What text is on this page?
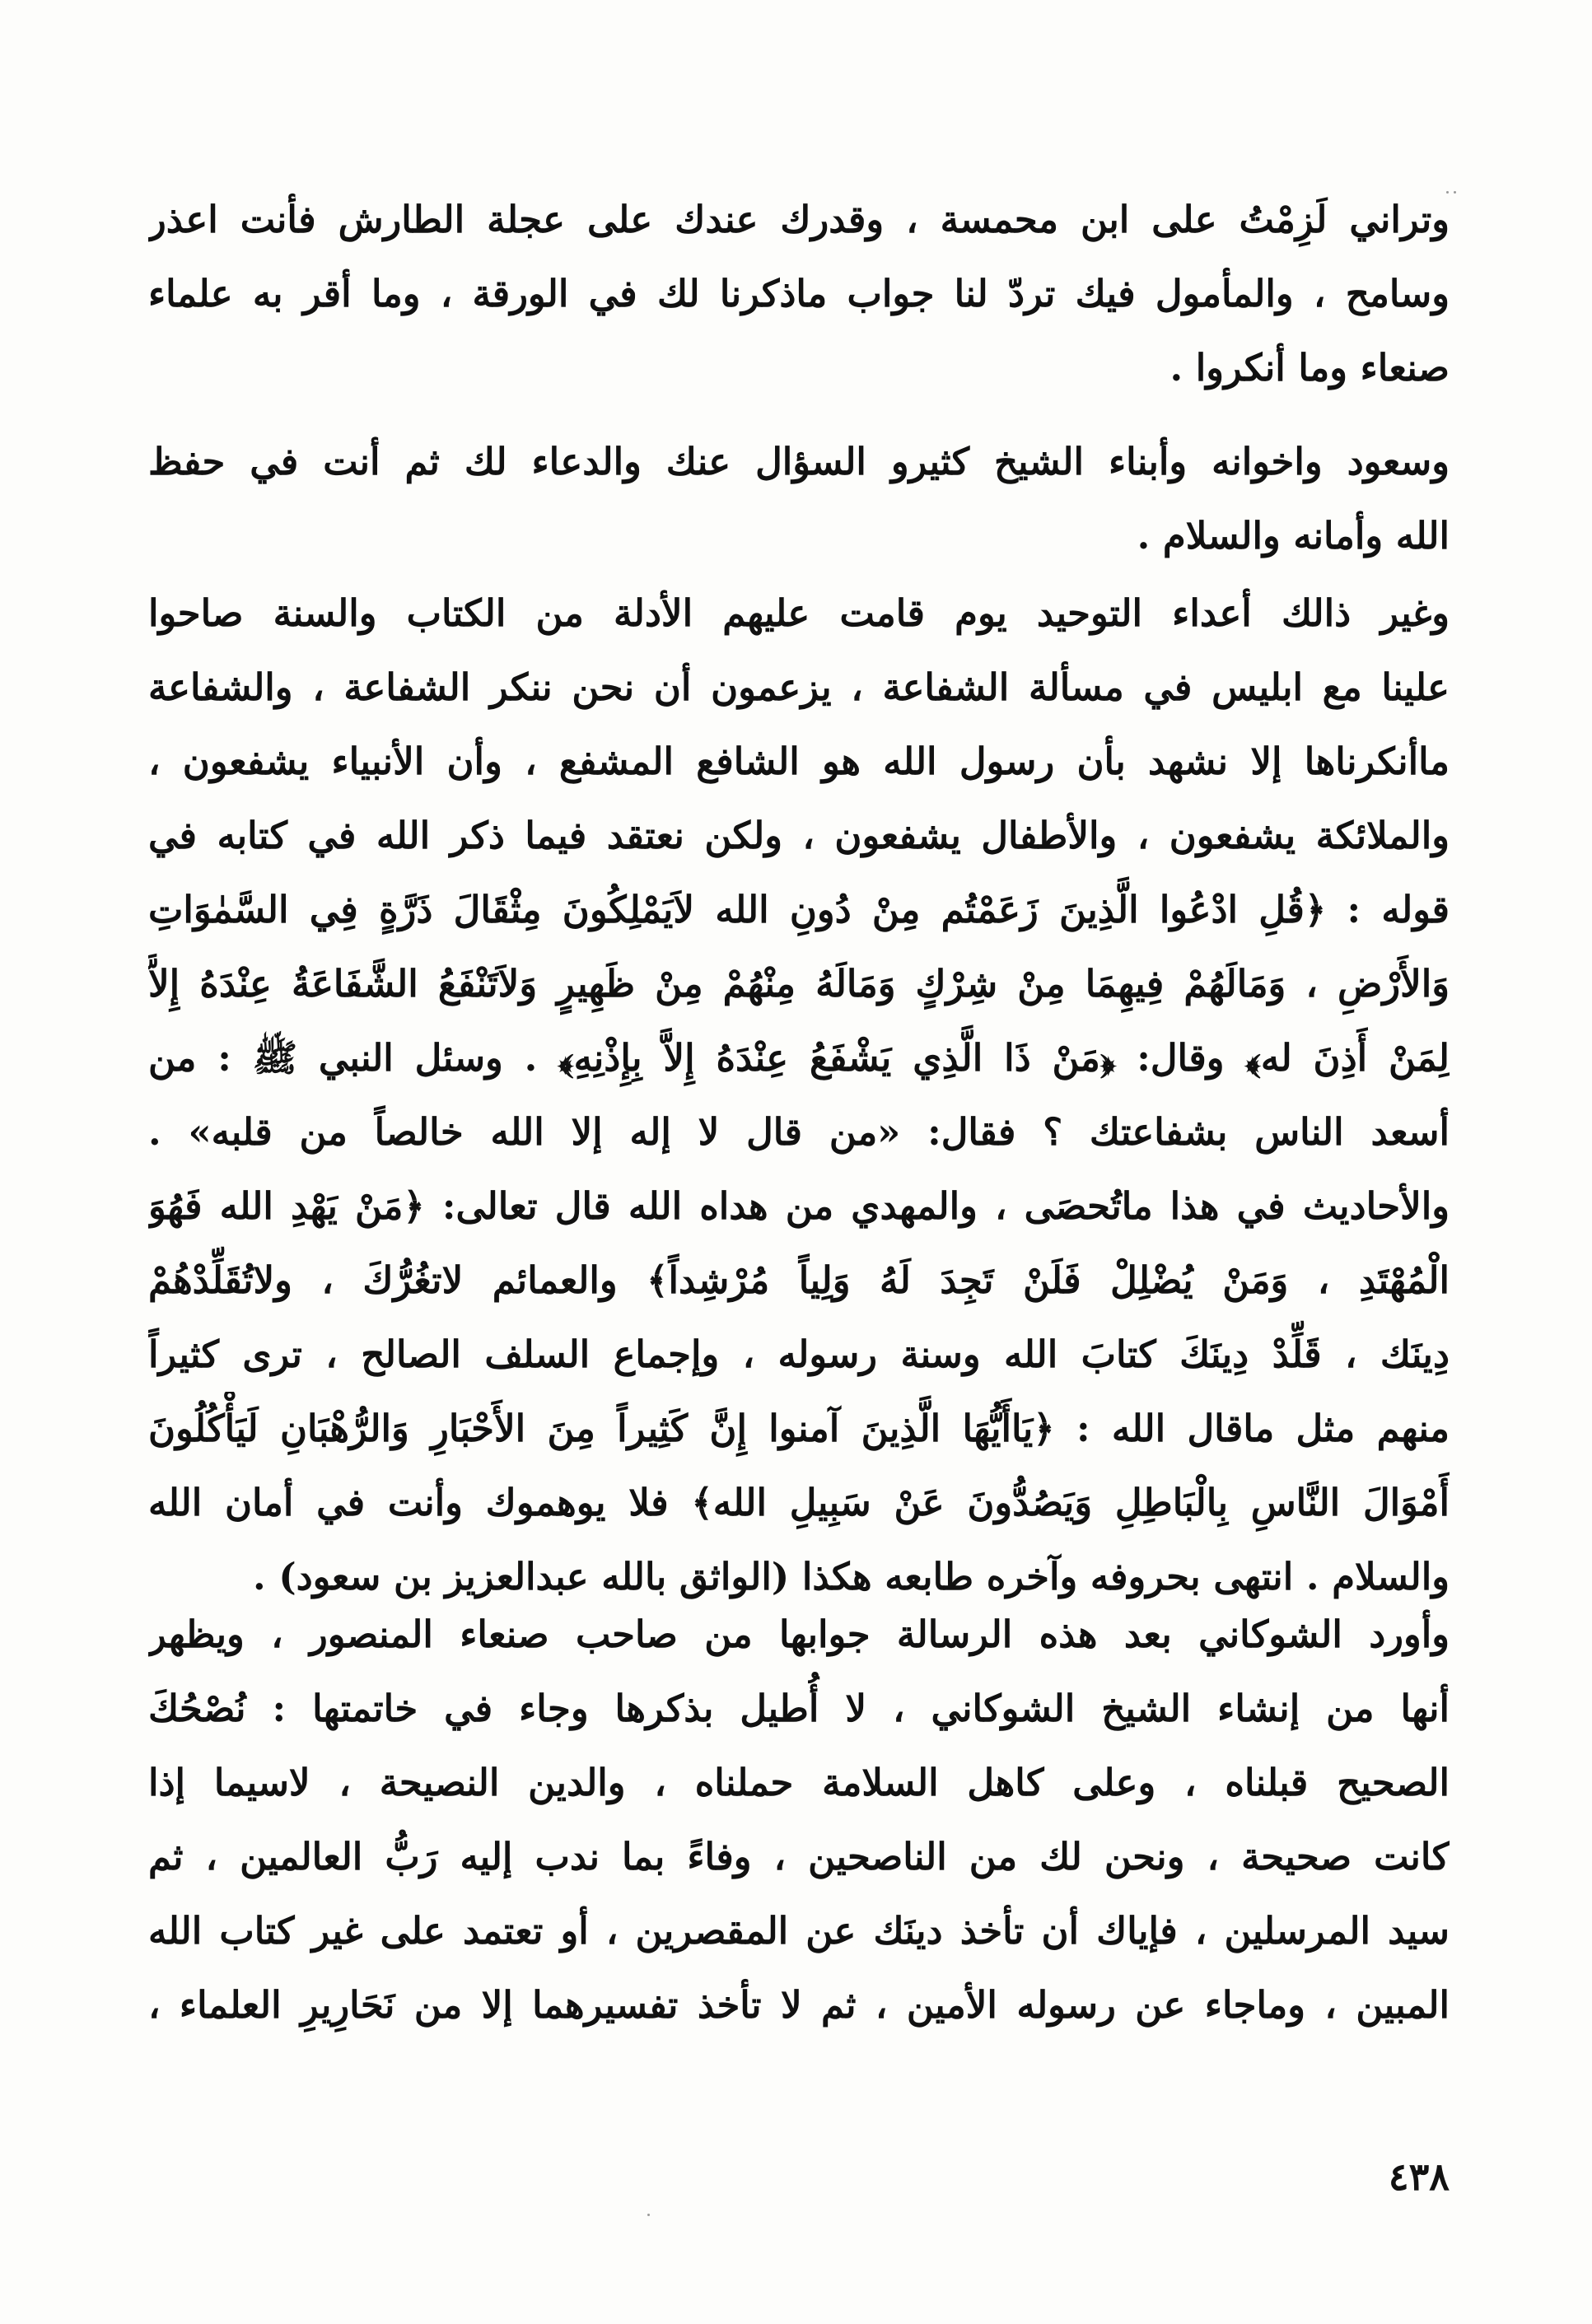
وتراني لَزِمْتُ على ابن محمسة ، وقدرك عندك على عجلة الطارش فأنت اعذر
وسامح ، والمأمول فيك تردّ لنا جواب ماذكرنا لك في الورقة ، وما أقر به علماء
صنعاء وما أنكروا .
وسعود واخوانه وأبناء الشيخ كثيرو السؤال عنك والدعاء لك ثم أنت في حفظ
الله وأمانه والسلام .
وغير ذالك أعداء التوحيد يوم قامت عليهم الأدلة من الكتاب والسنة صاحوا
علينا مع ابليس في مسألة الشفاعة ، يزعمون أن نحن ننكر الشفاعة ، والشفاعة
ماأنكرناها إلا نشهد بأن رسول الله هو الشافع المشفع ، وأن الأنبياء يشفعون ،
والملائكة يشفعون ، والأطفال يشفعون ، ولكن نعتقد فيما ذكر الله في كتابه في
قوله : ﴿قُلِ ادْعُوا الَّذِينَ زَعَمْتُم مِنْ دُونِ الله لاَيَمْلِكُونَ مِثْقَالَ ذَرَّةٍ فِي السَّمٰوَاتِ
وَالأَرْضِ ، وَمَالَهُمْ فِيهِمَا مِنْ شِرْكٍ وَمَالَهُ مِنْهُمْ مِنْ ظَهِيرٍ وَلاَتَنْفَعُ الشَّفَاعَةُ عِنْدَهُ إِلاَّ
لِمَنْ أَذِنَ له﴾ وقال: ﴿مَنْ ذَا الَّذِي يَشْفَعُ عِنْدَهُ إِلاَّ بِإِذْنِهِ﴾ . وسئل النبي ﷺ : من
أسعد الناس بشفاعتك ؟ فقال: «من قال لا إله إلا الله خالصاً من قلبه» .
والأحاديث في هذا ماتُحصَى ، والمهدي من هداه الله قال تعالى: ﴿مَنْ يَهْدِ الله فَهُوَ
الْمُهْتَدِ ، وَمَنْ يُضْلِلْ فَلَنْ تَجِدَ لَهُ وَلِياً مُرْشِداً﴾ والعمائم لاتغُرُّكَ ، ولاتُقَلِّدْهُمْ
دِينَك ، قَلِّدْ دِينَكَ كتابَ الله وسنة رسوله ، وإجماع السلف الصالح ، ترى كثيراً
منهم مثل ماقال الله : ﴿يَاأَيُّهَا الَّذِينَ آمنوا إِنَّ كَثِيراً مِنَ الأَحْبَارِ وَالرُّهْبَانِ لَيَأْكُلُونَ
أَمْوَالَ النَّاسِ بِالْبَاطِلِ وَيَصُدُّونَ عَنْ سَبِيلِ الله﴾ فلا يوهموك وأنت في أمان الله
والسلام . انتهى بحروفه وآخره طابعه هكذا (الواثق بالله عبدالعزيز بن سعود) .
وأورد الشوكاني بعد هذه الرسالة جوابها من صاحب صنعاء المنصور ، ويظهر
أنها من إنشاء الشيخ الشوكاني ، لا أُطيل بذكرها وجاء في خاتمتها : نُصْحُكَ
الصحيح قبلناه ، وعلى كاهل السلامة حملناه ، والدين النصيحة ، لاسيما إذا
كانت صحيحة ، ونحن لك من الناصحين ، وفاءً بما ندب إليه رَبُّ العالمين ، ثم
سيد المرسلين ، فإياك أن تأخذ دينَك عن المقصرين ، أو تعتمد على غير كتاب الله
المبين ، وماجاء عن رسوله الأمين ، ثم لا تأخذ تفسيرهما إلا من نَحَارِيرِ العلماء ،
٤٣٨
